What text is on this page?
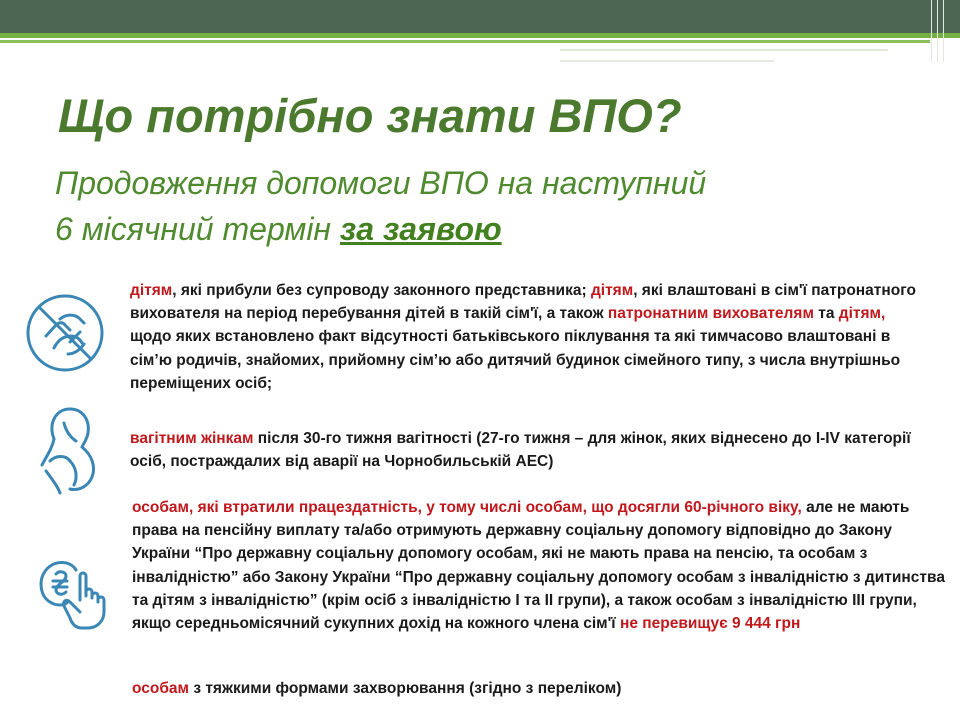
Що потрібно знати ВПО?
Продовження допомоги ВПО на наступний
6 місячний термін за заявою
дітям, які прибули без супроводу законного представника; дітям, які влаштовані в сім'ї патронатного вихователя на період перебування дітей в такій сім'ї, а також патронатним вихователям та дітям, щодо яких встановлено факт відсутності батьківського піклування та які тимчасово влаштовані в сім’ю родичів, знайомих, прийомну сім’ю або дитячий будинок сімейного типу, з числа внутрішньо переміщених осіб;
вагітним жінкам після 30-го тижня вагітності (27-го тижня – для жінок, яких віднесено до I-IV категорії осіб, постраждалих від аварії на Чорнобильській АЕС)
особам, які втратили працездатність, у тому числі особам, що досягли 60-річного віку, але не мають права на пенсійну виплату та/або отримують державну соціальну допомогу відповідно до Закону України “Про державну соціальну допомогу особам, які не мають права на пенсію, та особам з інвалідністю” або Закону України “Про державну соціальну допомогу особам з інвалідністю з дитинства та дітям з інвалідністю” (крім осіб з інвалідністю І та ІІ групи), а також особам з інвалідністю ІІІ групи, якщо середньомісячний сукупних дохід на кожного члена сім'ї не перевищує 9 444 грн
особам з тяжкими формами захворювання (згідно з переліком)
